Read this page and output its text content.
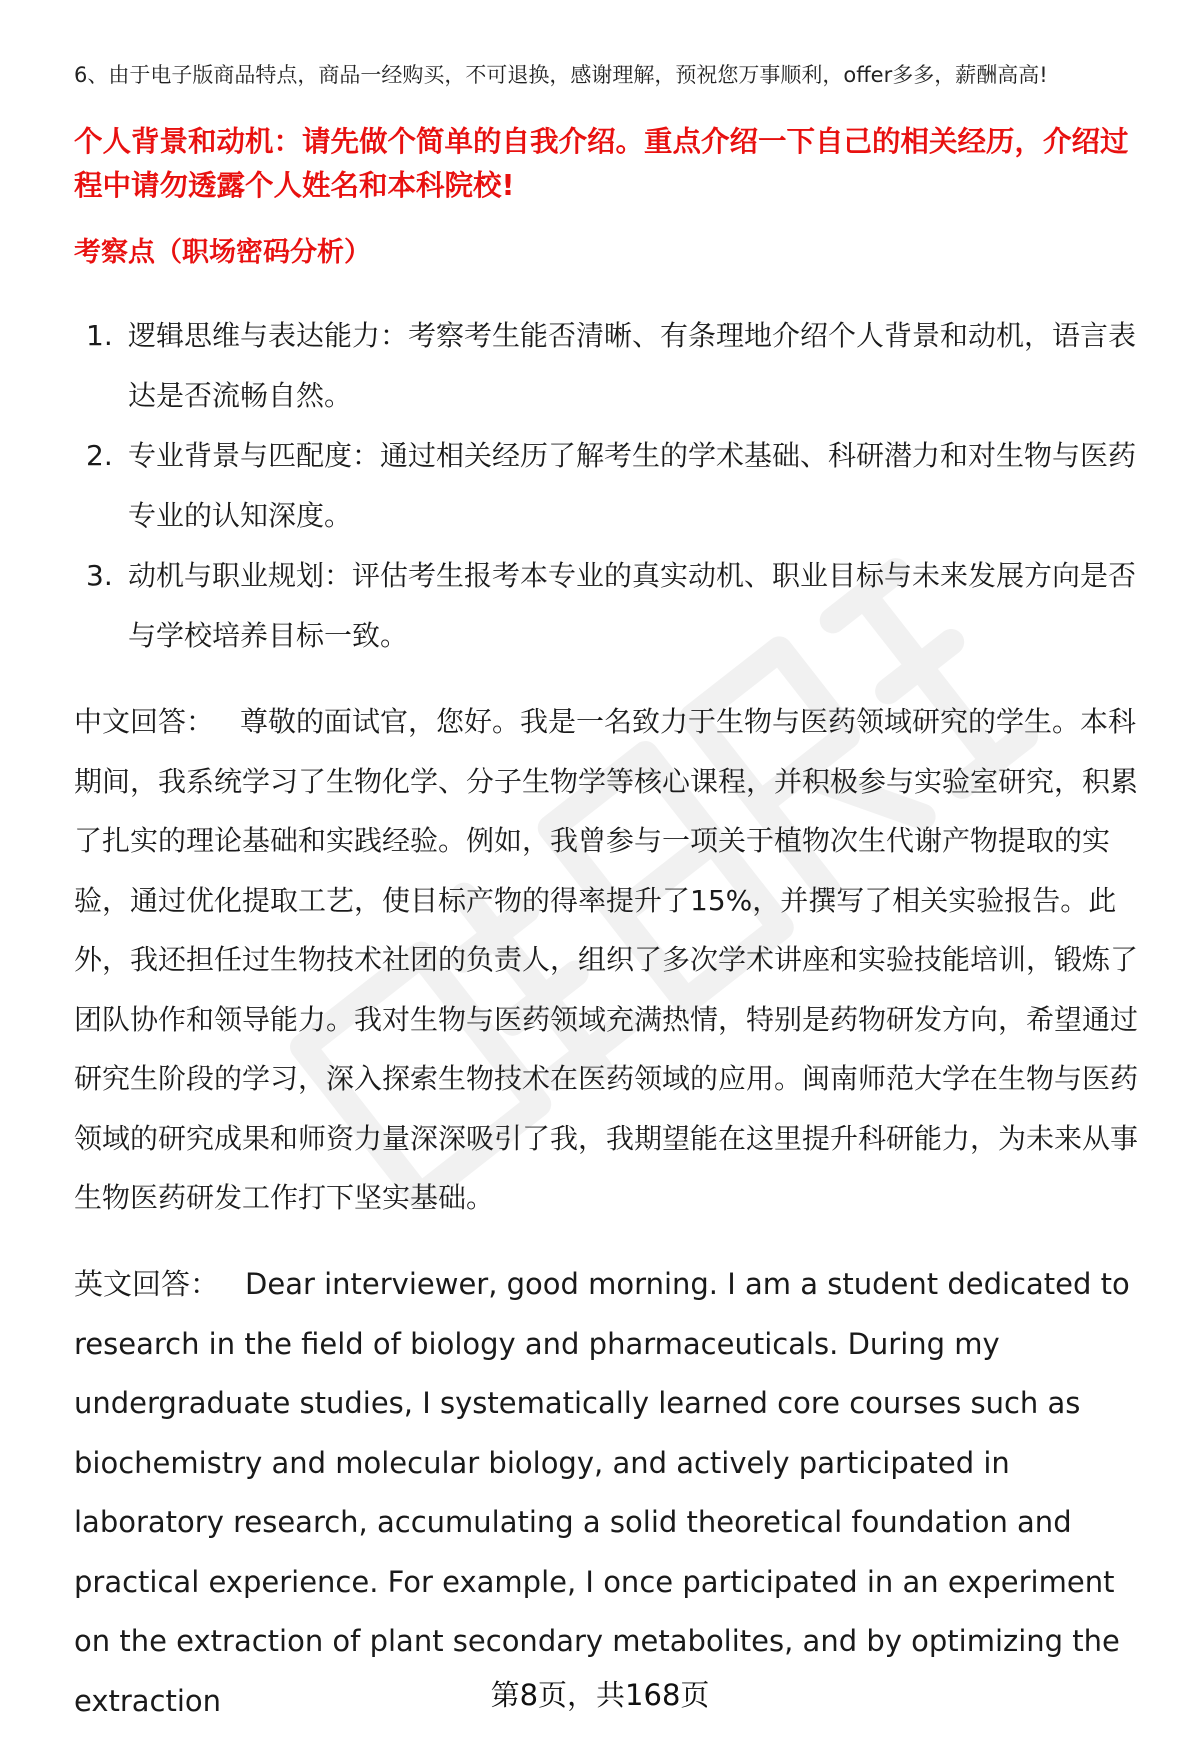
6、由于电子版商品特点，商品一经购买，不可退换，感谢理解，预祝您万事顺利，offer多多，薪酬高高!
个人背景和动机：请先做个简单的自我介绍。重点介绍一下自己的相关经历，介绍过程中请勿透露个人姓名和本科院校!
考察点（职场密码分析）
1. 逻辑思维与表达能力：考察考生能否清晰、有条理地介绍个人背景和动机，语言表达是否流畅自然。
2. 专业背景与匹配度：通过相关经历了解考生的学术基础、科研潜力和对生物与医药专业的认知深度。
3. 动机与职业规划：评估考生报考本专业的真实动机、职业目标与未来发展方向是否与学校培养目标一致。
中文回答： 尊敬的面试官，您好。我是一名致力于生物与医药领域研究的学生。本科期间，我系统学习了生物化学、分子生物学等核心课程，并积极参与实验室研究，积累了扎实的理论基础和实践经验。例如，我曾参与一项关于植物次生代谢产物提取的实验，通过优化提取工艺，使目标产物的得率提升了15%，并撰写了相关实验报告。此外，我还担任过生物技术社团的负责人，组织了多次学术讲座和实验技能培训，锻炼了团队协作和领导能力。我对生物与医药领域充满热情，特别是药物研发方向，希望通过研究生阶段的学习，深入探索生物技术在医药领域的应用。闽南师范大学在生物与医药领域的研究成果和师资力量深深吸引了我，我期望能在这里提升科研能力，为未来从事生物医药研发工作打下坚实基础。
英文回答： Dear interviewer, good morning. I am a student dedicated to research in the field of biology and pharmaceuticals. During my undergraduate studies, I systematically learned core courses such as biochemistry and molecular biology, and actively participated in laboratory research, accumulating a solid theoretical foundation and practical experience. For example, I once participated in an experiment on the extraction of plant secondary metabolites, and by optimizing the extraction	第8页，共168页
